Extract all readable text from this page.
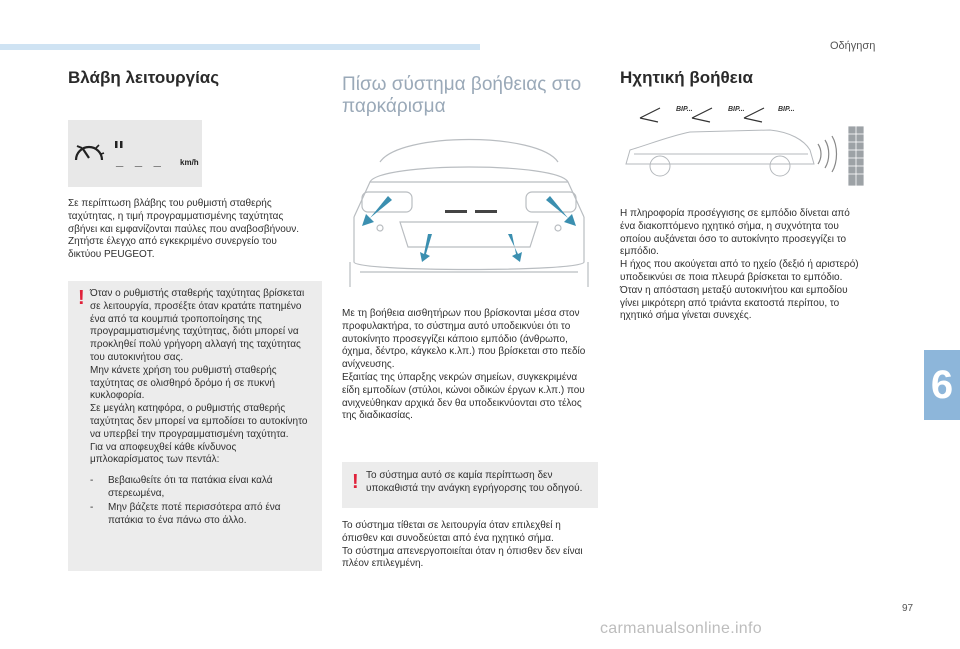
Οδήγηση
Βλάβη λειτουργίας
_ _ _ km/h
Σε περίπτωση βλάβης του ρυθμιστή σταθερής
ταχύτητας, η τιμή προγραμματισμένης ταχύτητας
σβήνει και εμφανίζονται παύλες που αναβοσβήνουν.
Ζητήστε έλεγχο από εγκεκριμένο συνεργείο του
δικτύου PEUGEOT.
! Όταν ο ρυθμιστής σταθερής ταχύτητας βρίσκεται
σε λειτουργία, προσέξτε όταν κρατάτε πατημένο
ένα από τα κουμπιά τροποποίησης της
προγραμματισμένης ταχύτητας, διότι μπορεί να
προκληθεί πολύ γρήγορη αλλαγή της ταχύτητας
του αυτοκινήτου σας.
Μην κάνετε χρήση του ρυθμιστή σταθερής
ταχύτητας σε ολισθηρό δρόμο ή σε πυκνή
κυκλοφορία.
Σε μεγάλη κατηφόρα, ο ρυθμιστής σταθερής
ταχύτητας δεν μπορεί να εμποδίσει το αυτοκίνητο
να υπερβεί την προγραμματισμένη ταχύτητα.
Για να αποφευχθεί κάθε κίνδυνος
μπλοκαρίσματος των πεντάλ:
- Βεβαιωθείτε ότι τα πατάκια είναι καλά
στερεωμένα,
- Μην βάζετε ποτέ περισσότερα από ένα
πατάκια το ένα πάνω στο άλλο.
Πίσω σύστημα βοήθειας στο
παρκάρισμα
Με τη βοήθεια αισθητήρων που βρίσκονται μέσα στον
προφυλακτήρα, το σύστημα αυτό υποδεικνύει ότι το
αυτοκίνητο προσεγγίζει κάποιο εμπόδιο (άνθρωπο,
όχημα, δέντρο, κάγκελο κ.λπ.) που βρίσκεται στο πεδίο
ανίχνευσης.
Εξαιτίας της ύπαρξης νεκρών σημείων, συγκεκριμένα
είδη εμποδίων (στύλοι, κώνοι οδικών έργων κ.λπ.) που
ανιχνεύθηκαν αρχικά δεν θα υποδεικνύονται στο τέλος
της διαδικασίας.
! Το σύστημα αυτό σε καμία περίπτωση δεν
υποκαθιστά την ανάγκη εγρήγορσης του οδηγού.
Το σύστημα τίθεται σε λειτουργία όταν επιλεχθεί η
όπισθεν και συνοδεύεται από ένα ηχητικό σήμα.
Το σύστημα απενεργοποιείται όταν η όπισθεν δεν είναι
πλέον επιλεγμένη.
Ηχητική βοήθεια
BIP...	BIP...	BIP...
Η πληροφορία προσέγγισης σε εμπόδιο δίνεται από
ένα διακοπτόμενο ηχητικό σήμα, η συχνότητα του
οποίου αυξάνεται όσο το αυτοκίνητο προσεγγίζει το
εμπόδιο.
Η ήχος που ακούγεται από το ηχείο (δεξιό ή αριστερό)
υποδεικνύει σε ποια πλευρά βρίσκεται το εμπόδιο.
Όταν η απόσταση μεταξύ αυτοκινήτου και εμποδίου
γίνει μικρότερη από τριάντα εκατοστά περίπου, το
ηχητικό σήμα γίνεται συνεχές.
6
97
carmanualsonline.info
